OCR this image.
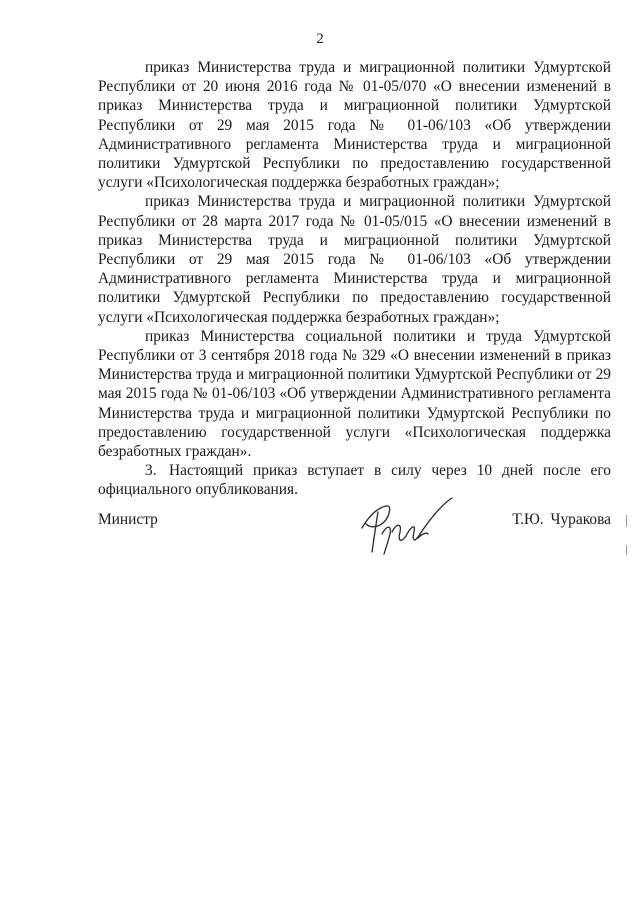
2

приказ Министерства труда и миграционной политики Удмуртской Республики от 20 июня 2016 года № 01-05/070 «О внесении изменений в приказ Министерства труда и миграционной политики Удмуртской Республики от 29 мая 2015 года № 01-06/103 «Об утверждении Административного регламента Министерства труда и миграционной политики Удмуртской Республики по предоставлению государственной услуги «Психологическая поддержка безработных граждан»;

приказ Министерства труда и миграционной политики Удмуртской Республики от 28 марта 2017 года № 01-05/015 «О внесении изменений в приказ Министерства труда и миграционной политики Удмуртской Республики от 29 мая 2015 года № 01-06/103 «Об утверждении Административного регламента Министерства труда и миграционной политики Удмуртской Республики по предоставлению государственной услуги «Психологическая поддержка безработных граждан»;

приказ Министерства социальной политики и труда Удмуртской Республики от 3 сентября 2018 года № 329 «О внесении изменений в приказ Министерства труда и миграционной политики Удмуртской Республики от 29 мая 2015 года № 01-06/103 «Об утверждении Административного регламента Министерства труда и миграционной политики Удмуртской Республики по предоставлению государственной услуги «Психологическая поддержка безработных граждан».

3. Настоящий приказ вступает в силу через 10 дней после его официального опубликования.

Министр	Т.Ю. Чуракова
